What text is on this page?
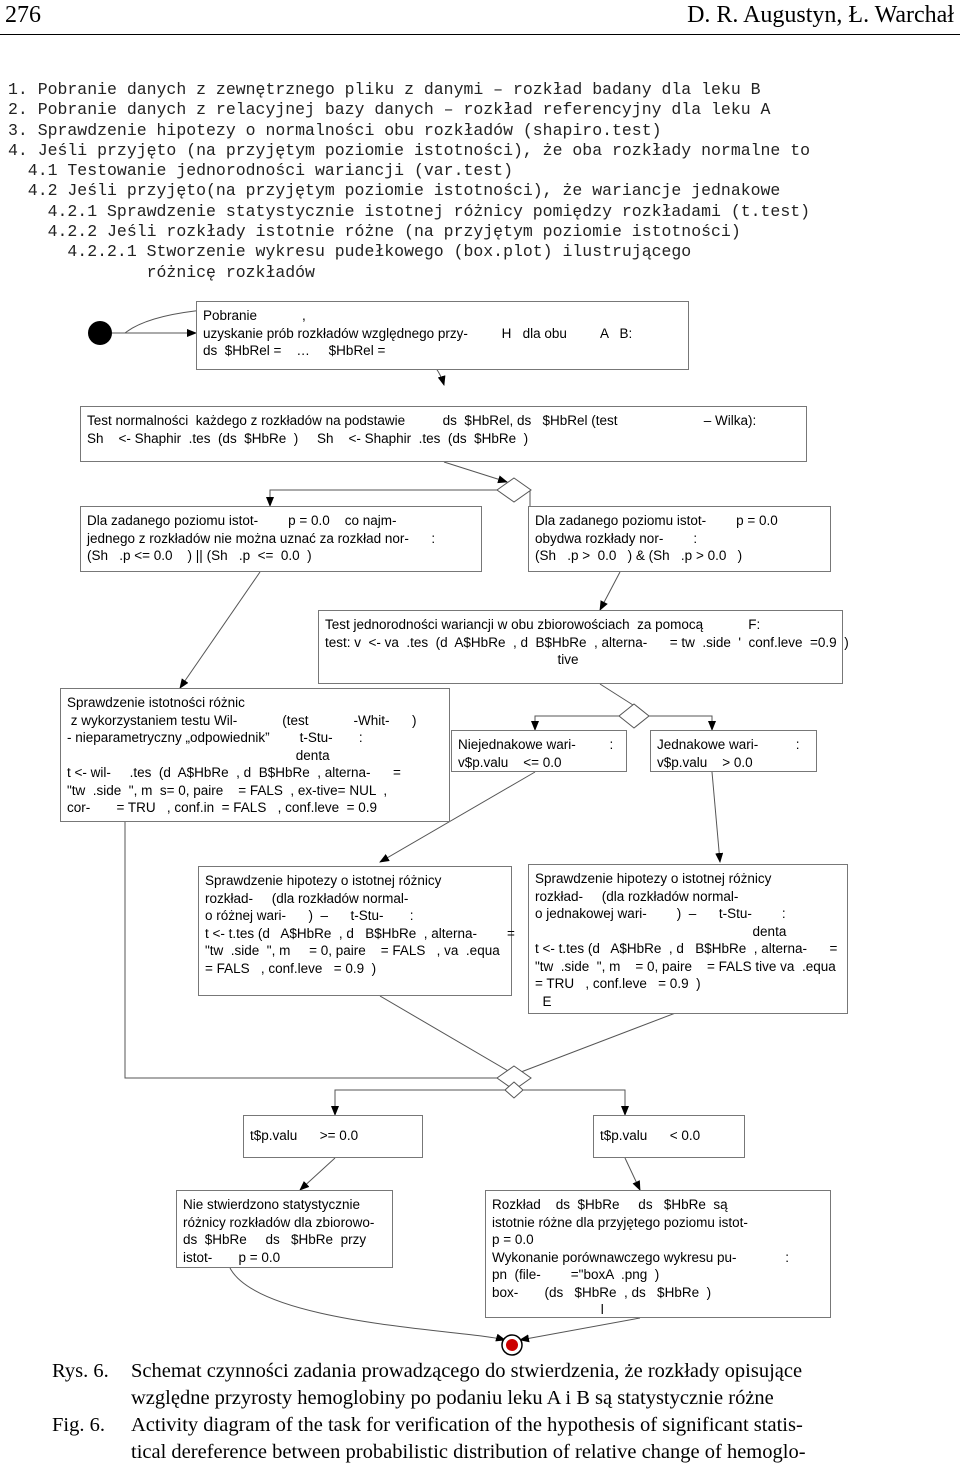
276	D. R. Augustyn, Ł. Warchał
1. Pobranie danych z zewnętrznego pliku z danymi – rozkład badany dla leku B
2. Pobranie danych z relacyjnej bazy danych – rozkład referencyjny dla leku A
3. Sprawdzenie hipotezy o normalności obu rozkładów (shapiro.test)
4. Jeśli przyjęto (na przyjętym poziomie istotności), że oba rozkłady normalne to
4.1 Testowanie jednorodności wariancji (var.test)
4.2 Jeśli przyjęto(na przyjętym poziomie istotności), że wariancje jednakowe
4.2.1 Sprawdzenie statystycznie istotnej różnicy pomiędzy rozkładami (t.test)
4.2.2 Jeśli rozkłady istotnie różne (na przyjętym poziomie istotności)
4.2.2.1 Stworzenie wykresu pudełkowego (box.plot) ilustrującego
różnicę rozkładów
Pobranie            ,
uzyskanie prób rozkładów względnego przy-         H   dla obu         A   B:
ds  $HbRel =    …     $HbRel =
Test normalności  każdego z rozkładów na podstawie          ds  $HbRel, ds   $HbRel (test                       – Wilka):
Sh    <- Shaphir  .tes  (ds  $HbRe  )     Sh    <- Shaphir  .tes  (ds  $HbRe  )
Dla zadanego poziomu istot-        p = 0.0    co najm-
jednego z rozkładów nie można uznać za rozkład nor-      :
(Sh   .p <= 0.0    ) || (Sh   .p  <=  0.0  )
Dla zadanego poziomu istot-        p = 0.0
obydwa rozkłady nor-        :
(Sh   .p >  0.0   ) & (Sh   .p > 0.0   )
Test jednorodności wariancji w obu zbiorowościach  za pomocą            F:
test: v  <- va  .tes  (d  A$HbRe  , d  B$HbRe  , alterna-      = tw  .side  '  conf.leve  =0.9  )
tive
Sprawdzenie istotności różnic
z wykorzystaniem testu Wil-            (test            -Whit-      )
- nieparametryczny „odpowiednik”        t-Stu-       :
denta
t <- wil-     .tes  (d  A$HbRe  , d  B$HbRe  , alterna-      =
"tw  .side  ", m  s= 0, paire    = FALS  , ex-tive= NUL  ,
cor-       = TRU   , conf.in  = FALS   , conf.leve  = 0.9
Niejednakowe wari-         :
v$p.valu    <= 0.0
Jednakowe wari-          :
v$p.valu    > 0.0
Sprawdzenie hipotezy o istotnej różnicy
rozkład-     (dla rozkładów normal-
o różnej wari-      )  –      t-Stu-       :
t <- t.tes (d   A$HbRe  , d   B$HbRe  , alterna-        =
"tw  .side  ", m     = 0, paire    = FALS   , va  .equa
= FALS   , conf.leve   = 0.9  )
Sprawdzenie hipotezy o istotnej różnicy
rozkład-     (dla rozkładów normal-
o jednakowej wari-        )  –      t-Stu-        :
denta
t <- t.tes (d   A$HbRe  , d   B$HbRe  , alterna-      =
"tw  .side  ", m    = 0, paire    = FALS tive va  .equa
= TRU   , conf.leve   = 0.9  )
E
t$p.valu      >= 0.0	t$p.valu      < 0.0
Nie stwierdzono statystycznie
różnicy rozkładów dla zbiorowo-
ds  $HbRe     ds   $HbRe  przy
istot-       p = 0.0
Rozkład    ds  $HbRe     ds   $HbRe  są
istotnie różne dla przyjętego poziomu istot-
p = 0.0
Wykonanie porównawczego wykresu pu-             :
pn  (file-        ="boxA  .png  )
box-       (ds   $HbRe  , ds   $HbRe  )
l
Rys. 6. Schemat czynności zadania prowadzącego do stwierdzenia, że rozkłady opisujące
względne przyrosty hemoglobiny po podaniu leku A i B są statystycznie różne
Fig. 6. Activity diagram of the task for verification of the hypothesis of significant statis-
tical dereference between probabilistic distribution of relative change of hemoglo-
